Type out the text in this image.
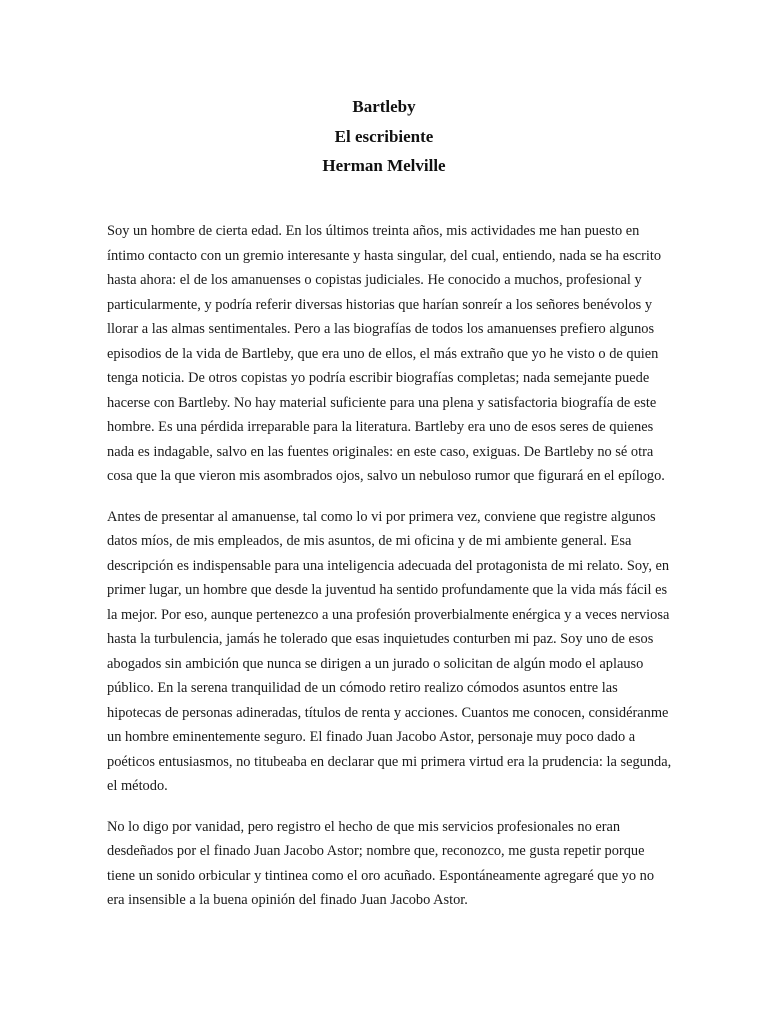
Bartleby
El escribiente
Herman Melville

Soy un hombre de cierta edad. En los últimos treinta años, mis actividades me han puesto en
íntimo contacto con un gremio interesante y hasta singular, del cual, entiendo, nada se ha escrito
hasta ahora: el de los amanuenses o copistas judiciales. He conocido a muchos, profesional y
particularmente, y podría referir diversas historias que harían sonreír a los señores benévolos y
llorar a las almas sentimentales. Pero a las biografías de todos los amanuenses prefiero algunos
episodios de la vida de Bartleby, que era uno de ellos, el más extraño que yo he visto o de quien
tenga noticia. De otros copistas yo podría escribir biografías completas; nada semejante puede
hacerse con Bartleby. No hay material suficiente para una plena y satisfactoria biografía de este
hombre. Es una pérdida irreparable para la literatura. Bartleby era uno de esos seres de quienes
nada es indagable, salvo en las fuentes originales: en este caso, exiguas. De Bartleby no sé otra
cosa que la que vieron mis asombrados ojos, salvo un nebuloso rumor que figurará en el epílogo.

Antes de presentar al amanuense, tal como lo vi por primera vez, conviene que registre algunos
datos míos, de mis empleados, de mis asuntos, de mi oficina y de mi ambiente general. Esa
descripción es indispensable para una inteligencia adecuada del protagonista de mi relato. Soy, en
primer lugar, un hombre que desde la juventud ha sentido profundamente que la vida más fácil es
la mejor. Por eso, aunque pertenezco a una profesión proverbialmente enérgica y a veces nerviosa
hasta la turbulencia, jamás he tolerado que esas inquietudes conturben mi paz. Soy uno de esos
abogados sin ambición que nunca se dirigen a un jurado o solicitan de algún modo el aplauso
público. En la serena tranquilidad de un cómodo retiro realizo cómodos asuntos entre las
hipotecas de personas adineradas, títulos de renta y acciones. Cuantos me conocen, considéranme
un hombre eminentemente seguro. El finado Juan Jacobo Astor, personaje muy poco dado a
poéticos entusiasmos, no titubeaba en declarar que mi primera virtud era la prudencia: la segunda,
el método.

No lo digo por vanidad, pero registro el hecho de que mis servicios profesionales no eran
desdeñados por el finado Juan Jacobo Astor; nombre que, reconozco, me gusta repetir porque
tiene un sonido orbicular y tintinea como el oro acuñado. Espontáneamente agregaré que yo no
era insensible a la buena opinión del finado Juan Jacobo Astor.
